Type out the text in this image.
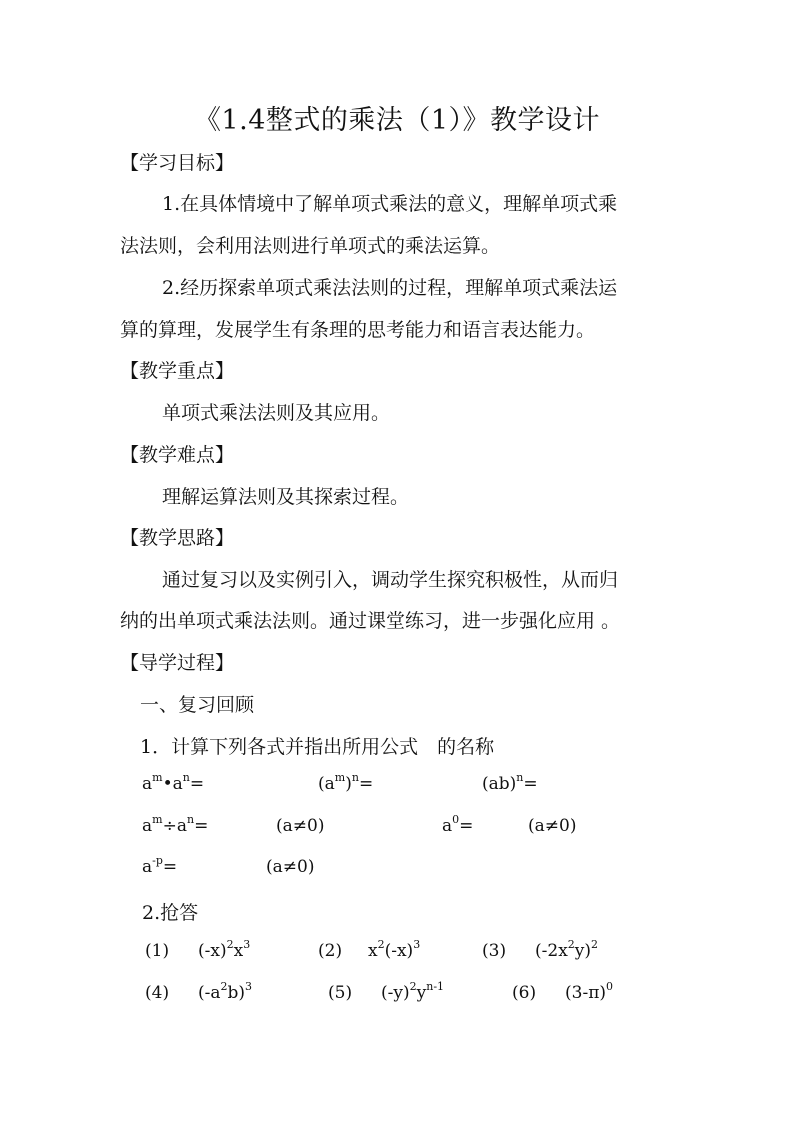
《1.4整式的乘法（1）》教学设计
【学习目标】
1.在具体情境中了解单项式乘法的意义，理解单项式乘
法法则，会利用法则进行单项式的乘法运算。
2.经历探索单项式乘法法则的过程，理解单项式乘法运
算的算理，发展学生有条理的思考能力和语言表达能力。
【教学重点】
单项式乘法法则及其应用。
【教学难点】
理解运算法则及其探索过程。
【教学思路】
通过复习以及实例引入，调动学生探究积极性，从而归
纳的出单项式乘法法则。通过课堂练习，进一步强化应用 。
【导学过程】
一、复习回顾
1．计算下列各式并指出所用公式　的名称
$a^m•a^n=$	$(a^m)^n=$	(ab)$^n$=
$a^m\div a^n=$	(a≠0)	$a^0=$	(a≠0)
$a^{-p}=$	(a≠0)
2.抢答
(1) $(-x)^2x^3$	(2) $x^2(-x)^3$	(3) $(-2x^2y)^2$
(4) $(-a^2b)^3$	(5) $(-y)^2y^{n-1}$	(6) $(3-\pi)^0$
